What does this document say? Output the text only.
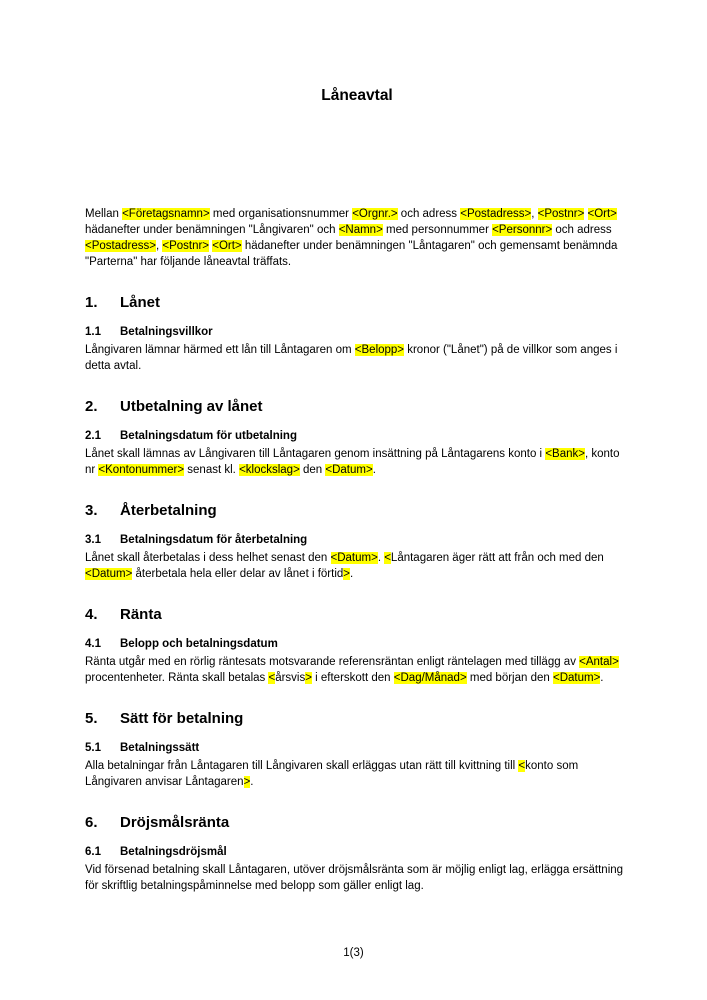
Låneavtal

Mellan <Företagsnamn> med organisationsnummer <Orgnr.> och adress <Postadress>, <Postnr> <Ort> hädanefter under benämningen "Långivaren" och <Namn> med personnummer <Personnr> och adress <Postadress>, <Postnr> <Ort> hädanefter under benämningen "Låntagaren" och gemensamt benämnda "Parterna" har följande låneavtal träffats.

1. Lånet
1.1 Betalningsvillkor

Långivaren lämnar härmed ett lån till Låntagaren om <Belopp> kronor ("Lånet") på de villkor som anges i detta avtal.

2. Utbetalning av lånet
2.1 Betalningsdatum för utbetalning

Lånet skall lämnas av Långivaren till Låntagaren genom insättning på Låntagarens konto i <Bank>, konto nr <Kontonummer> senast kl. <klockslag> den <Datum>.

3. Återbetalning
3.1 Betalningsdatum för återbetalning

Lånet skall återbetalas i dess helhet senast den <Datum>. <Låntagaren äger rätt att från och med den <Datum> återbetala hela eller delar av lånet i förtid>.

4. Ränta
4.1 Belopp och betalningsdatum

Ränta utgår med en rörlig räntesats motsvarande referensräntan enligt räntelagen med tillägg av <Antal> procentenheter. Ränta skall betalas <årsvis> i efterskott den <Dag/Månad> med början den <Datum>.

5. Sätt för betalning
5.1 Betalningssätt

Alla betalningar från Låntagaren till Långivaren skall erläggas utan rätt till kvittning till <konto som Långivaren anvisar Låntagaren>.

6. Dröjsmålsränta
6.1 Betalningsdröjsmål

Vid försenad betalning skall Låntagaren, utöver dröjsmålsränta som är möjlig enligt lag, erlägga ersättning för skriftlig betalningspåminnelse med belopp som gäller enligt lag.

1(3)
